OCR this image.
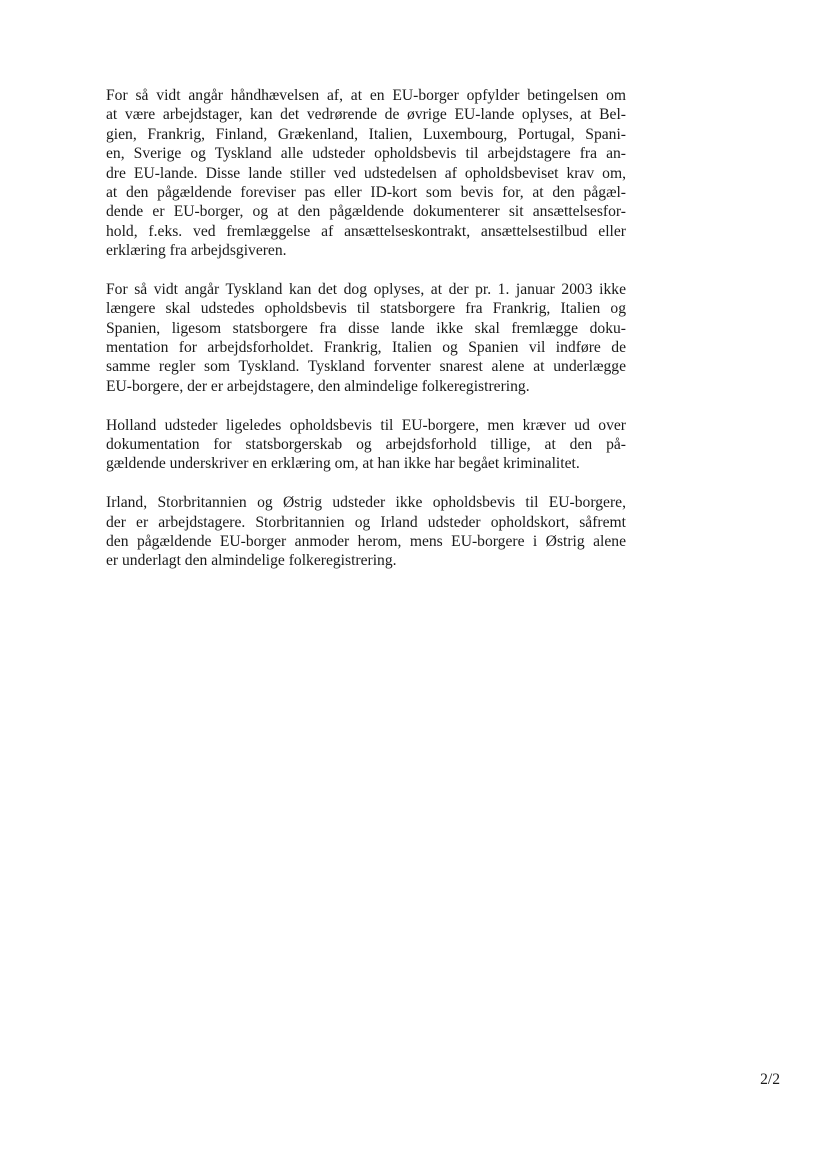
For så vidt angår håndhævelsen af, at en EU-borger opfylder betingelsen om
at være arbejdstager, kan det vedrørende de øvrige EU-lande oplyses, at Bel-
gien, Frankrig, Finland, Grækenland, Italien, Luxembourg, Portugal, Spani-
en, Sverige og Tyskland alle udsteder opholdsbevis til arbejdstagere fra an-
dre EU-lande. Disse lande stiller ved udstedelsen af opholdsbeviset krav om,
at den pågældende foreviser pas eller ID-kort som bevis for, at den pågæl-
dende er EU-borger, og at den pågældende dokumenterer sit ansættelsesfor-
hold, f.eks. ved fremlæggelse af ansættelseskontrakt, ansættelsestilbud eller
erklæring fra arbejdsgiveren.

For så vidt angår Tyskland kan det dog oplyses, at der pr. 1. januar 2003 ikke
længere skal udstedes opholdsbevis til statsborgere fra Frankrig, Italien og
Spanien, ligesom statsborgere fra disse lande ikke skal fremlægge doku-
mentation for arbejdsforholdet. Frankrig, Italien og Spanien vil indføre de
samme regler som Tyskland. Tyskland forventer snarest alene at underlægge
EU-borgere, der er arbejdstagere, den almindelige folkeregistrering.

Holland udsteder ligeledes opholdsbevis til EU-borgere, men kræver ud over
dokumentation for statsborgerskab og arbejdsforhold tillige, at den på-
gældende underskriver en erklæring om, at han ikke har begået kriminalitet.

Irland, Storbritannien og Østrig udsteder ikke opholdsbevis til EU-borgere,
der er arbejdstagere. Storbritannien og Irland udsteder opholdskort, såfremt
den pågældende EU-borger anmoder herom, mens EU-borgere i Østrig alene
er underlagt den almindelige folkeregistrering.

2/2
